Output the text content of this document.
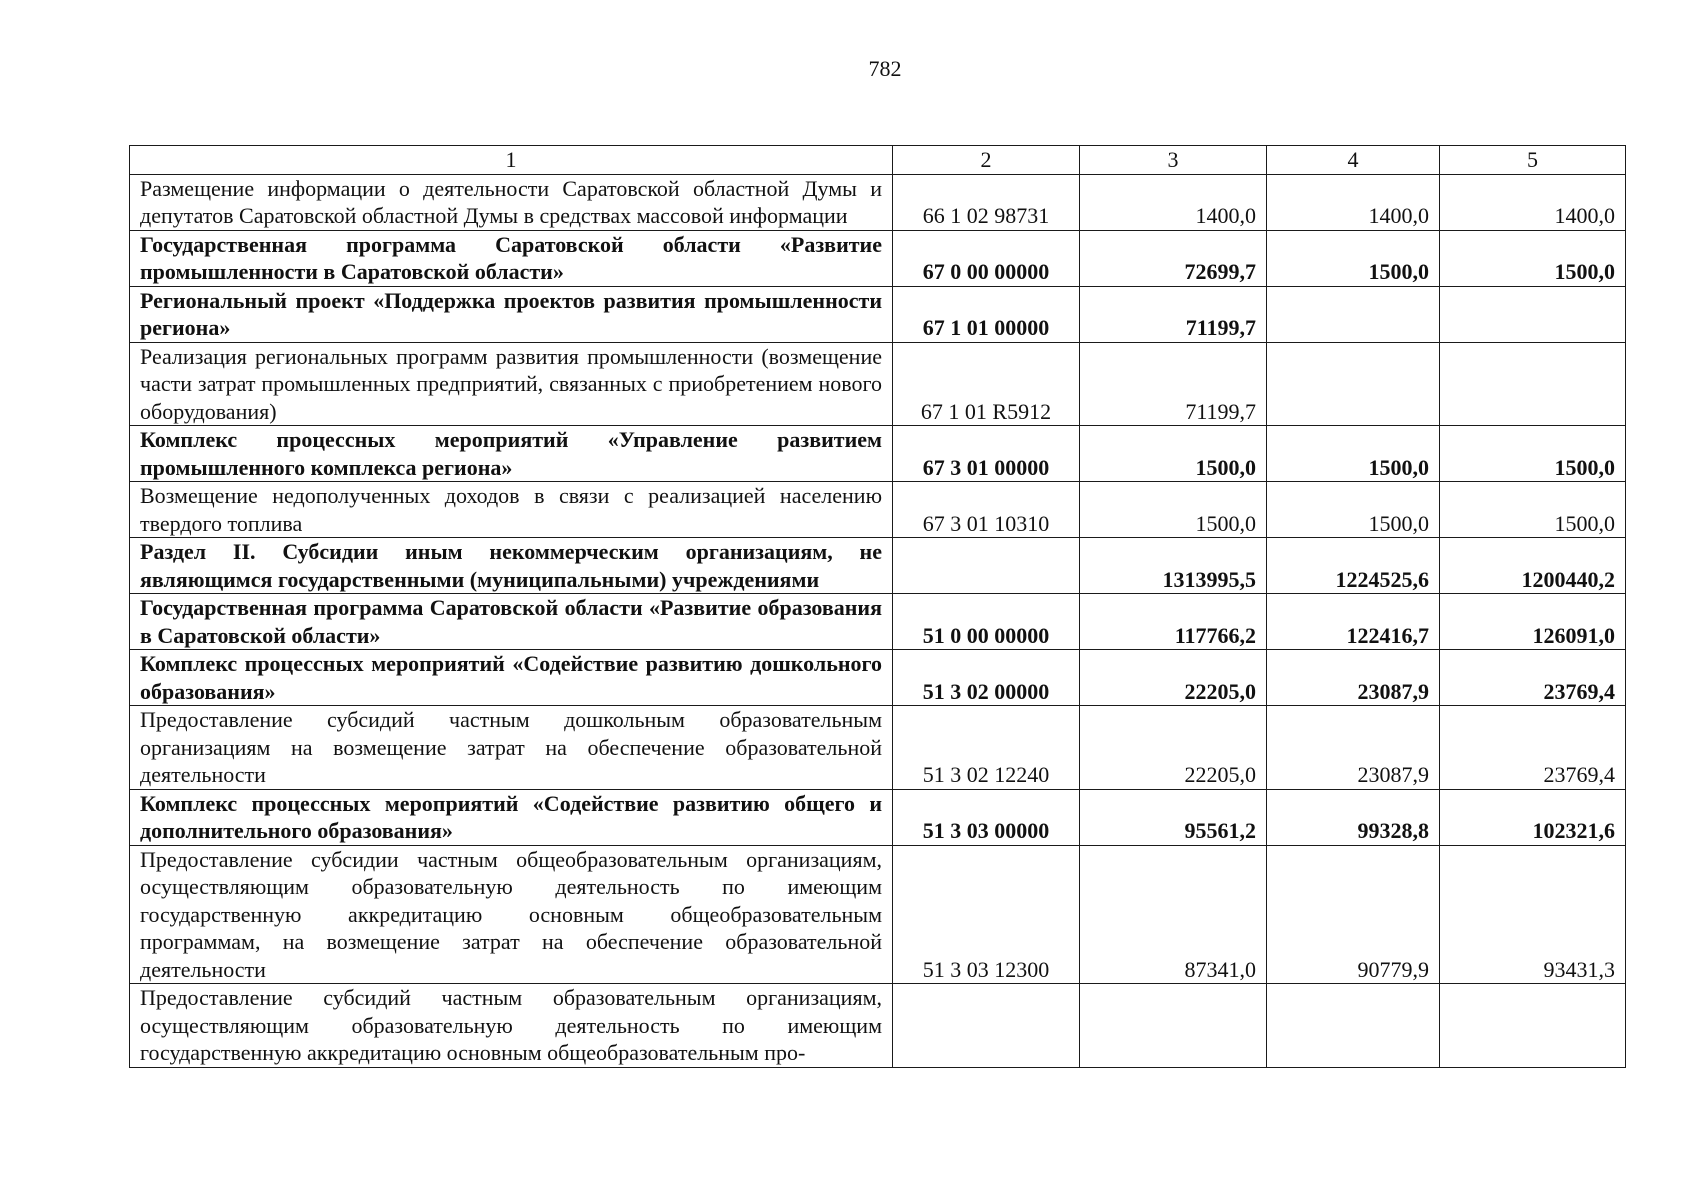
782
1	2	3	4	5
Размещение информации о деятельности Саратовской областной Думы и депутатов Саратовской областной Думы в средствах массовой информации	66 1 02 98731	1400,0	1400,0	1400,0
Государственная программа Саратовской области «Развитие промышленности в Саратовской области»	67 0 00 00000	72699,7	1500,0	1500,0
Региональный проект «Поддержка проектов развития промышленности региона»	67 1 01 00000	71199,7		
Реализация региональных программ развития промышленности (возмещение части затрат промышленных предприятий, связанных с приобретением нового оборудования)	67 1 01 R5912	71199,7		
Комплекс процессных мероприятий «Управление развитием промышленного комплекса региона»	67 3 01 00000	1500,0	1500,0	1500,0
Возмещение недополученных доходов в связи с реализацией населению твердого топлива	67 3 01 10310	1500,0	1500,0	1500,0
Раздел II. Субсидии иным некоммерческим организациям, не являющимся государственными (муниципальными) учреждениями		1313995,5	1224525,6	1200440,2
Государственная программа Саратовской области «Развитие образования в Саратовской области»	51 0 00 00000	117766,2	122416,7	126091,0
Комплекс процессных мероприятий «Содействие развитию дошкольного образования»	51 3 02 00000	22205,0	23087,9	23769,4
Предоставление субсидий частным дошкольным образовательным организациям на возмещение затрат на обеспечение образовательной деятельности	51 3 02 12240	22205,0	23087,9	23769,4
Комплекс процессных мероприятий «Содействие развитию общего и дополнительного образования»	51 3 03 00000	95561,2	99328,8	102321,6
Предоставление субсидии частным общеобразовательным организациям, осуществляющим образовательную деятельность по имеющим государственную аккредитацию основным общеобразовательным программам, на возмещение затрат на обеспечение образовательной деятельности	51 3 03 12300	87341,0	90779,9	93431,3
Предоставление субсидий частным образовательным организациям, осуществляющим образовательную деятельность по имеющим государственную аккредитацию основным общеобразовательным про-				
